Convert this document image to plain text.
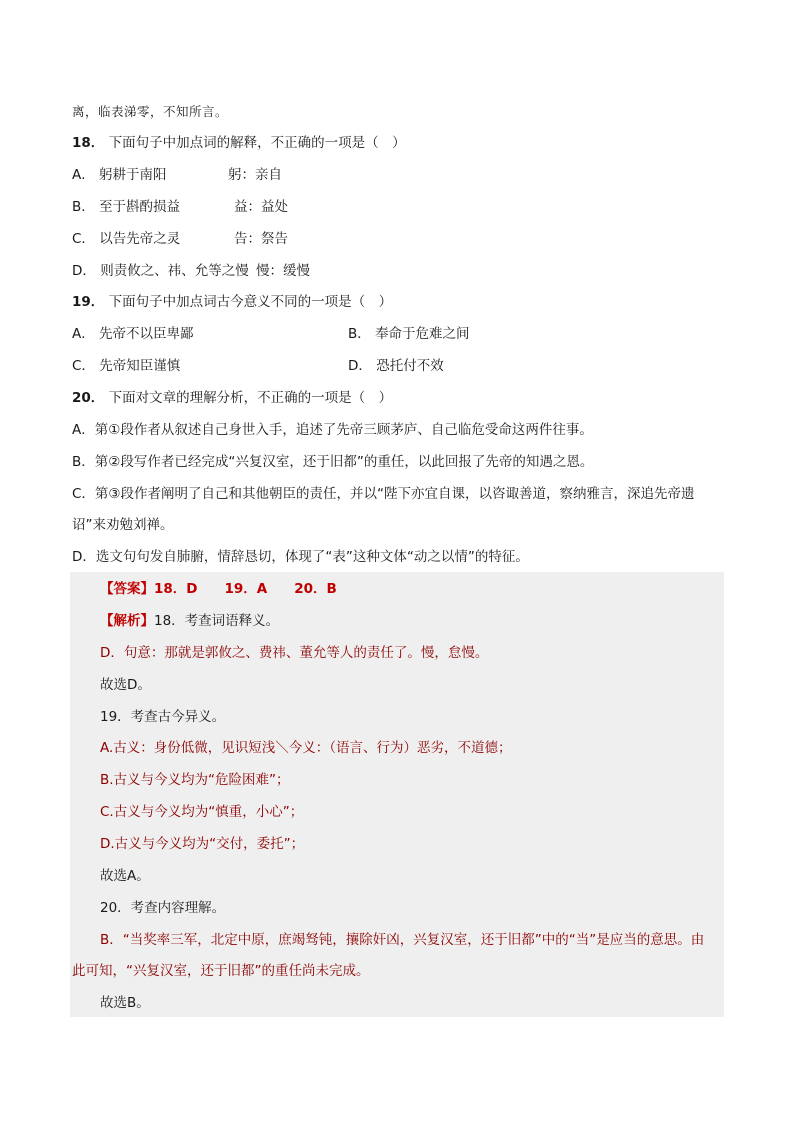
离，临表涕零，不知所言。
18． 下面句子中加点词的解释，不正确的一项是（　）
A． 躬耕于南阳	躬：亲自
B． 至于斟酌损益	益：益处
C． 以告先帝之灵	告：祭告
D． 则责攸之、祎、允等之慢 慢：缓慢
19． 下面句子中加点词古今意义不同的一项是（　）
A． 先帝不以臣卑鄙	B． 奉命于危难之间
C． 先帝知臣谨慎	D． 恐托付不效
20． 下面对文章的理解分析，不正确的一项是（　）
A．第①段作者从叙述自己身世入手，追述了先帝三顾茅庐、自己临危受命这两件往事。
B．第②段写作者已经完成“兴复汉室，还于旧都”的重任，以此回报了先帝的知遇之恩。
C．第③段作者阐明了自己和其他朝臣的责任，并以“陛下亦宜自课，以咨诹善道，察纳雅言，深追先帝遗
诏”来劝勉刘禅。
D．选文句句发自肺腑，情辞恳切，体现了“表”这种文体“动之以情”的特征。
【答案】18．D　　19．A　　20．B
【解析】18．考查词语释义。
D．句意：那就是郭攸之、费祎、董允等人的责任了。慢，怠慢。
故选D。
19．考查古今异义。
A.古义：身份低微，见识短浅＼今义：（语言、行为）恶劣，不道德；
B.古义与今义均为“危险困难”；
C.古义与今义均为“慎重，小心”；
D.古义与今义均为“交付，委托”；
故选A。
20．考查内容理解。
B．“当奖率三军，北定中原，庶竭驽钝，攘除奸凶，兴复汉室，还于旧都”中的“当”是应当的意思。由
此可知，“兴复汉室，还于旧都”的重任尚未完成。
故选B。
